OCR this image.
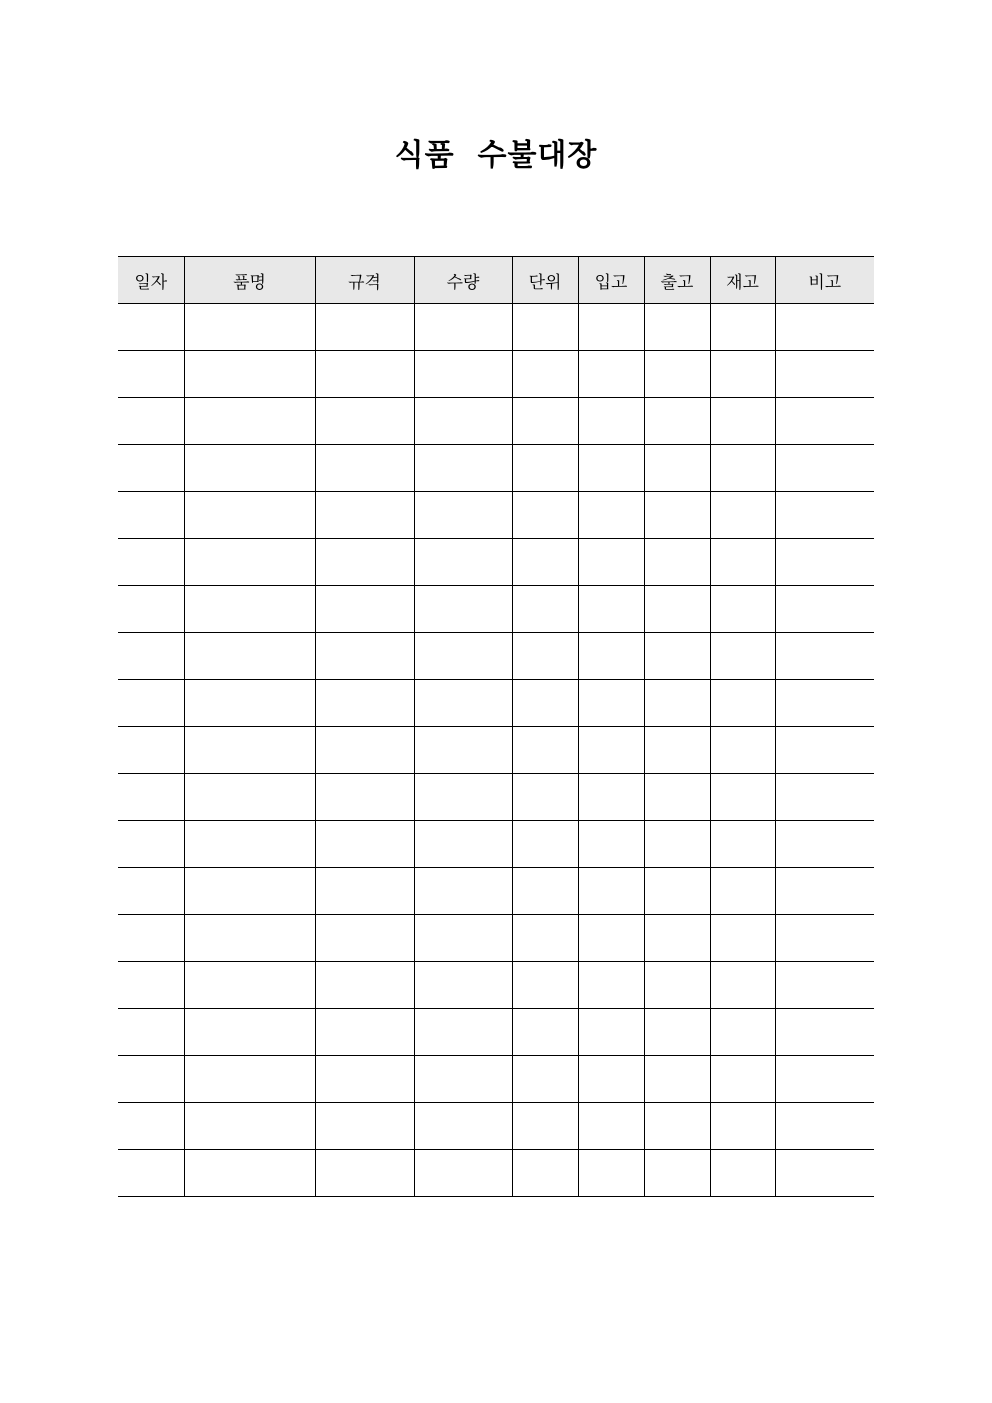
식품  수불대장
일자	품명	규격	수량	단위	입고	출고	재고	비고
